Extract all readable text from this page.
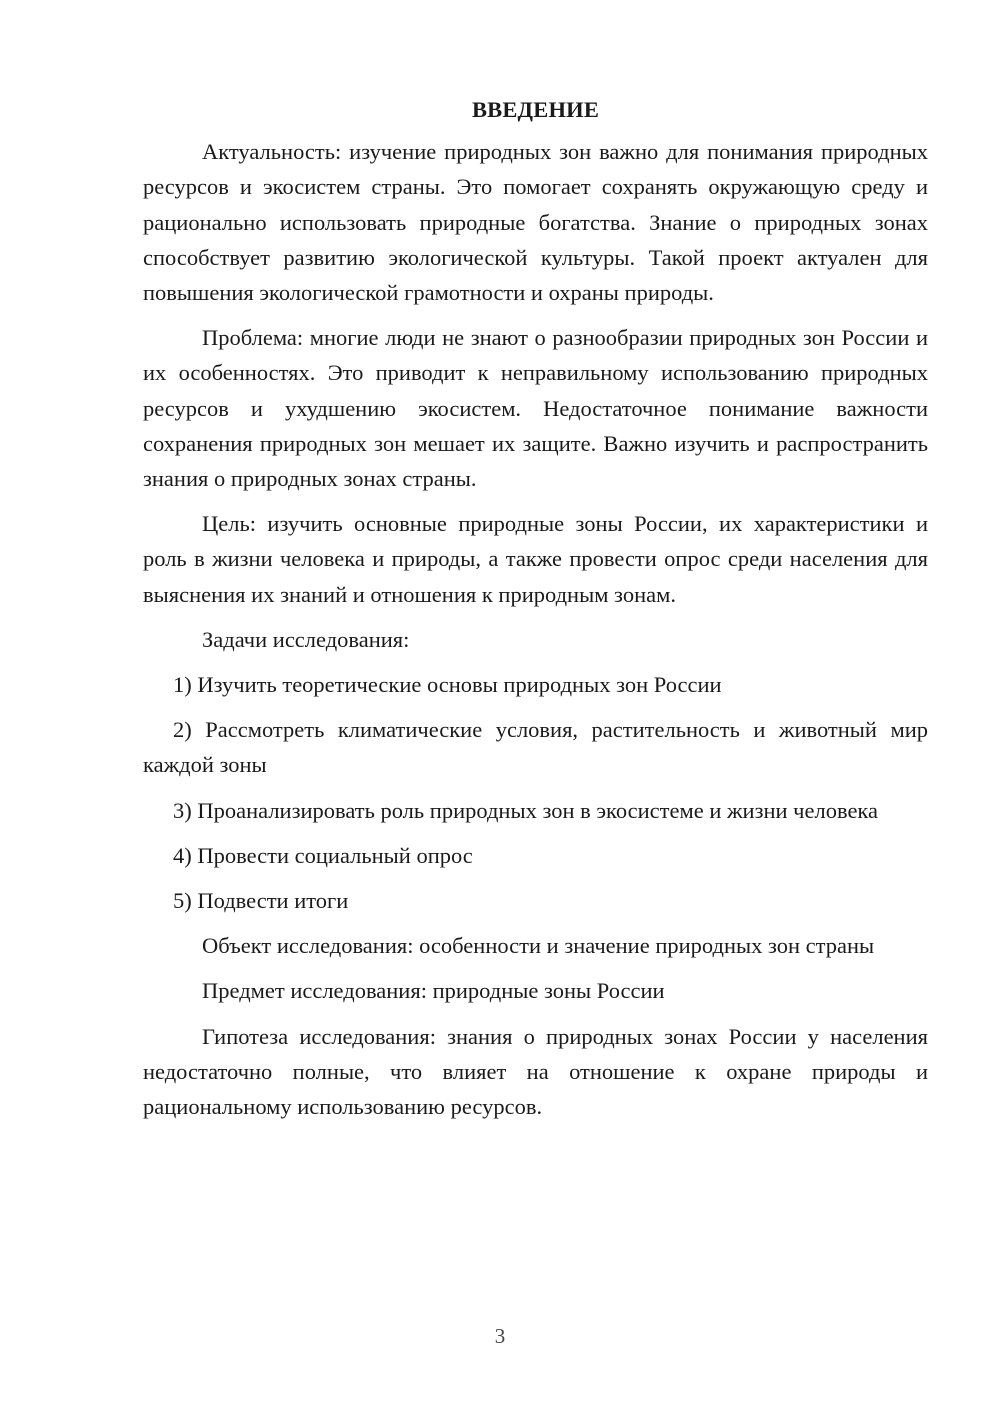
ВВЕДЕНИЕ

Актуальность: изучение природных зон важно для понимания природных ресурсов и экосистем страны. Это помогает сохранять окружающую среду и рационально использовать природные богатства. Знание о природных зонах способствует развитию экологической культуры. Такой проект актуален для повышения экологической грамотности и охраны природы.

Проблема: многие люди не знают о разнообразии природных зон России и их особенностях. Это приводит к неправильному использованию природных ресурсов и ухудшению экосистем. Недостаточное понимание важности сохранения природных зон мешает их защите. Важно изучить и распространить знания о природных зонах страны.

Цель: изучить основные природные зоны России, их характеристики и роль в жизни человека и природы, а также провести опрос среди населения для выяснения их знаний и отношения к природным зонам.

Задачи исследования:

1) Изучить теоретические основы природных зон России

2) Рассмотреть климатические условия, растительность и животный мир каждой зоны

3) Проанализировать роль природных зон в экосистеме и жизни человека

4) Провести социальный опрос

5) Подвести итоги

Объект исследования: особенности и значение природных зон страны

Предмет исследования: природные зоны России

Гипотеза исследования: знания о природных зонах России у населения недостаточно полные, что влияет на отношение к охране природы и рациональному использованию ресурсов.

3
